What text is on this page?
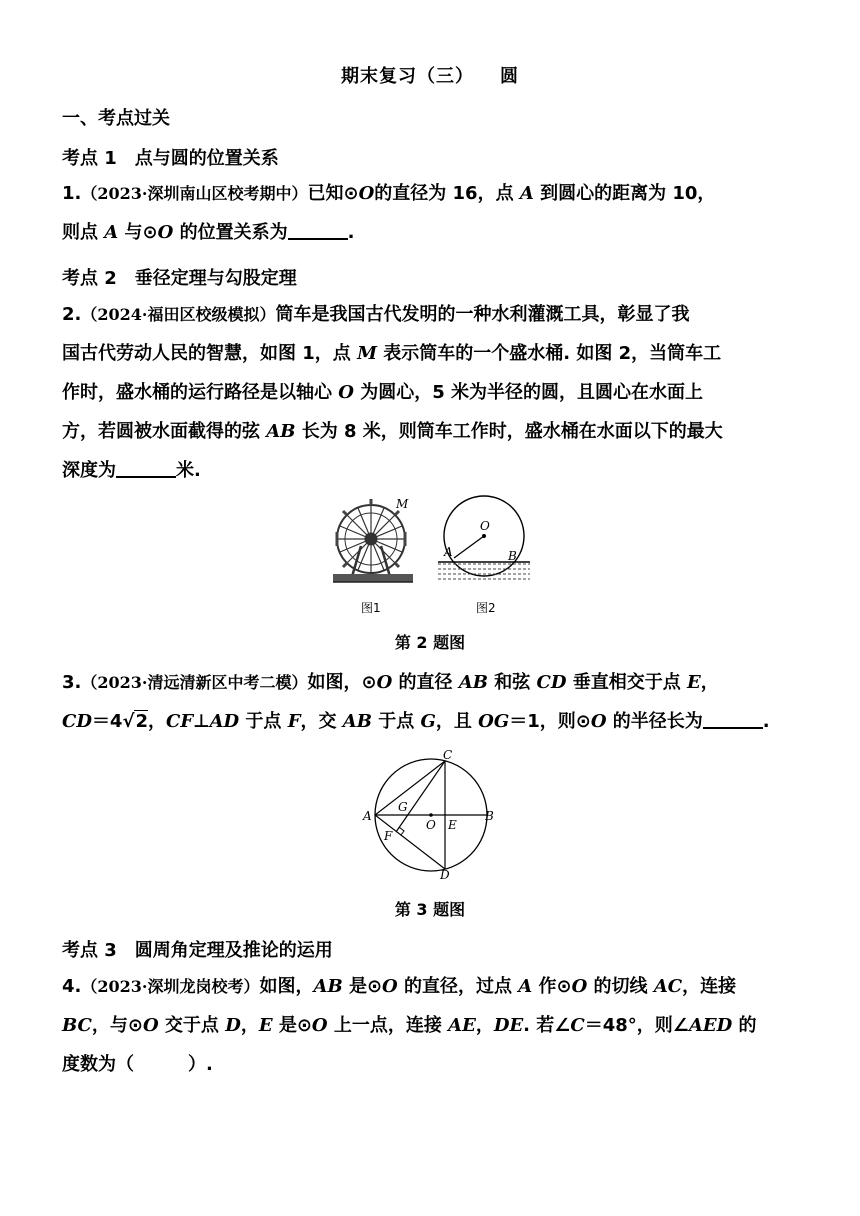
期末复习（三） 圆
一、考点过关
考点 1 点与圆的位置关系
1.（2023·深圳南山区校考期中）已知⊙O的直径为 16，点 A 到圆心的距离为 10，
则点 A 与⊙O 的位置关系为	.
考点 2 垂径定理与勾股定理
2.（2024·福田区校级模拟）筒车是我国古代发明的一种水利灌溉工具，彰显了我
国古代劳动人民的智慧，如图 1，点 M 表示筒车的一个盛水桶. 如图 2，当筒车工
作时，盛水桶的运行路径是以轴心 O 为圆心，5 米为半径的圆，且圆心在水面上
方，若圆被水面截得的弦 AB 长为 8 米，则筒车工作时，盛水桶在水面以下的最大
深度为	米.
M
图1
O
A	B
图2
第 2 题图
3.（2023·清远清新区中考二模）如图，⊙O 的直径 AB 和弦 CD 垂直相交于点 E，
CD＝4√2，CF⊥AD 于点 F，交 AB 于点 G，且 OG＝1，则⊙O 的半径长为	.
A	B
C
D
E
F
G
O
第 3 题图
考点 3 圆周角定理及推论的运用
4.（2023·深圳龙岗校考）如图，AB 是⊙O 的直径，过点 A 作⊙O 的切线 AC，连接
BC，与⊙O 交于点 D，E 是⊙O 上一点，连接 AE，DE. 若∠C＝48°，则∠AED 的
度数为（　　　）.
